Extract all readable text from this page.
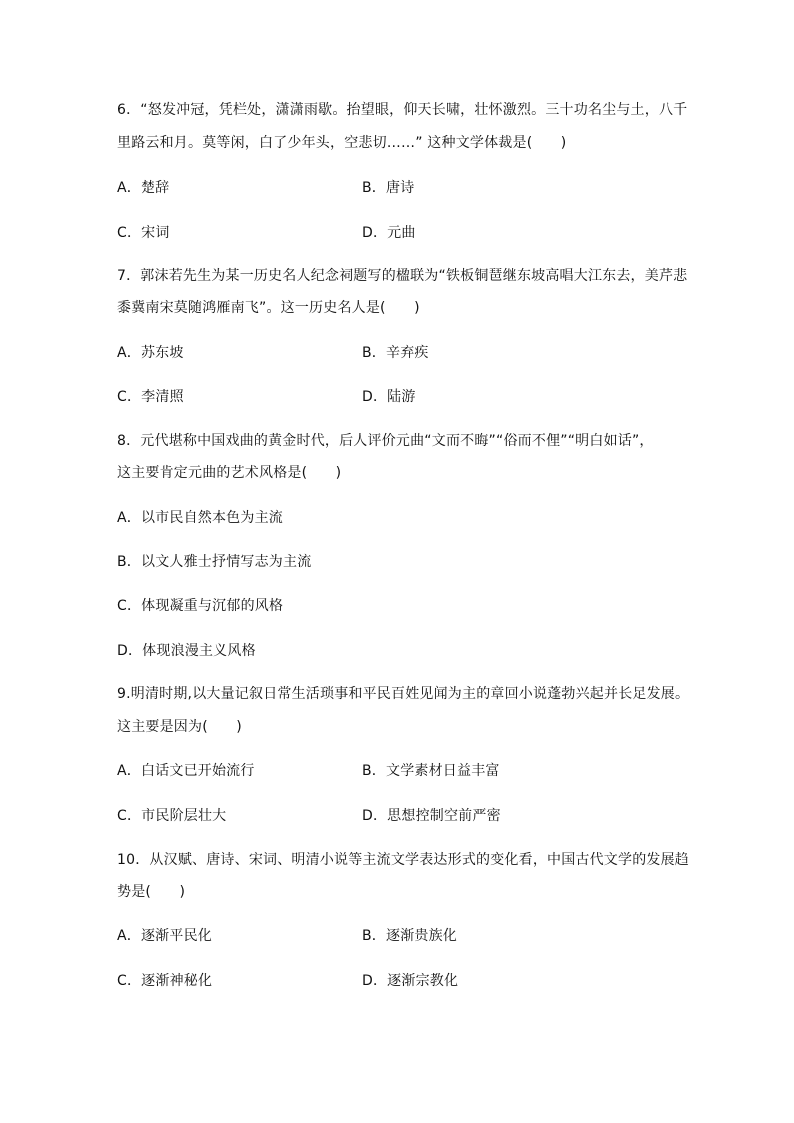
6．“怒发冲冠，凭栏处，潇潇雨歇。抬望眼，仰天长啸，壮怀激烈。三十功名尘与土，八千
里路云和月。莫等闲，白了少年头，空悲切……” 这种文学体裁是(　　)
A．楚辞	B．唐诗
C．宋词	D．元曲
7．郭沫若先生为某一历史名人纪念祠题写的楹联为“铁板铜琶继东坡高唱大江东去，美芹悲
黍冀南宋莫随鸿雁南飞”。这一历史名人是(　　)
A．苏东坡	B．辛弃疾
C．李清照	D．陆游
8．元代堪称中国戏曲的黄金时代，后人评价元曲“文而不晦”“俗而不俚”“明白如话”，
这主要肯定元曲的艺术风格是(　　)
A．以市民自然本色为主流
B．以文人雅士抒情写志为主流
C．体现凝重与沉郁的风格
D．体现浪漫主义风格
9.明清时期,以大量记叙日常生活琐事和平民百姓见闻为主的章回小说蓬勃兴起并长足发展。
这主要是因为(　　)
A．白话文已开始流行	B．文学素材日益丰富
C．市民阶层壮大	D．思想控制空前严密
10．从汉赋、唐诗、宋词、明清小说等主流文学表达形式的变化看，中国古代文学的发展趋
势是(　　)
A．逐渐平民化	B．逐渐贵族化
C．逐渐神秘化	D．逐渐宗教化
